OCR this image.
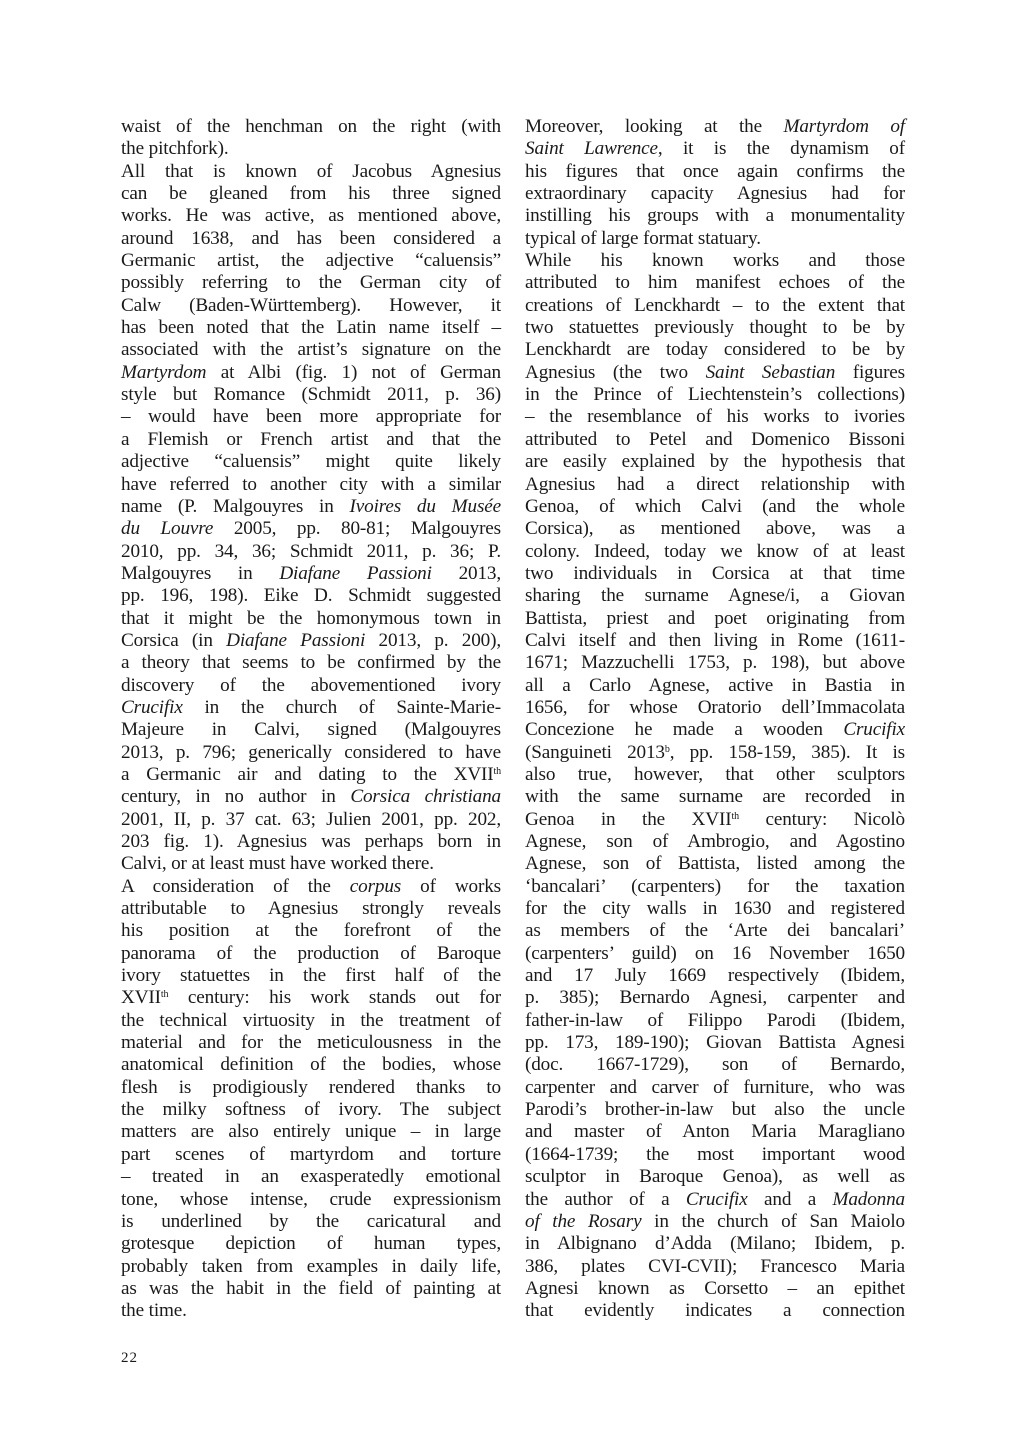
waist of the henchman on the right (with
the pitchfork).
All that is known of Jacobus Agnesius
can be gleaned from his three signed
works. He was active, as mentioned above,
around 1638, and has been considered a
Germanic artist, the adjective “caluensis”
possibly referring to the German city of
Calw (Baden-Württemberg). However, it
has been noted that the Latin name itself –
associated with the artist’s signature on the
Martyrdom at Albi (fig. 1) not of German
style but Romance (Schmidt 2011, p. 36)
– would have been more appropriate for
a Flemish or French artist and that the
adjective “caluensis” might quite likely
have referred to another city with a similar
name (P. Malgouyres in Ivoires du Musée
du Louvre 2005, pp. 80-81; Malgouyres
2010, pp. 34, 36; Schmidt 2011, p. 36; P.
Malgouyres in Diafane Passioni 2013,
pp. 196, 198). Eike D. Schmidt suggested
that it might be the homonymous town in
Corsica (in Diafane Passioni 2013, p. 200),
a theory that seems to be confirmed by the
discovery of the abovementioned ivory
Crucifix in the church of Sainte-Marie-
Majeure in Calvi, signed (Malgouyres
2013, p. 796; generically considered to have
a Germanic air and dating to the XVIIth
century, in no author in Corsica christiana
2001, II, p. 37 cat. 63; Julien 2001, pp. 202,
203 fig. 1). Agnesius was perhaps born in
Calvi, or at least must have worked there.
A consideration of the corpus of works
attributable to Agnesius strongly reveals
his position at the forefront of the
panorama of the production of Baroque
ivory statuettes in the first half of the
XVIIth century: his work stands out for
the technical virtuosity in the treatment of
material and for the meticulousness in the
anatomical definition of the bodies, whose
flesh is prodigiously rendered thanks to
the milky softness of ivory. The subject
matters are also entirely unique – in large
part scenes of martyrdom and torture
– treated in an exasperatedly emotional
tone, whose intense, crude expressionism
is underlined by the caricatural and
grotesque depiction of human types,
probably taken from examples in daily life,
as was the habit in the field of painting at
the time.
Moreover, looking at the Martyrdom of
Saint Lawrence, it is the dynamism of
his figures that once again confirms the
extraordinary capacity Agnesius had for
instilling his groups with a monumentality
typical of large format statuary.
While his known works and those
attributed to him manifest echoes of the
creations of Lenckhardt – to the extent that
two statuettes previously thought to be by
Lenckhardt are today considered to be by
Agnesius (the two Saint Sebastian figures
in the Prince of Liechtenstein’s collections)
– the resemblance of his works to ivories
attributed to Petel and Domenico Bissoni
are easily explained by the hypothesis that
Agnesius had a direct relationship with
Genoa, of which Calvi (and the whole
Corsica), as mentioned above, was a
colony. Indeed, today we know of at least
two individuals in Corsica at that time
sharing the surname Agnese/i, a Giovan
Battista, priest and poet originating from
Calvi itself and then living in Rome (1611-
1671; Mazzuchelli 1753, p. 198), but above
all a Carlo Agnese, active in Bastia in
1656, for whose Oratorio dell’Immacolata
Concezione he made a wooden Crucifix
(Sanguineti 2013$^b$, pp. 158-159, 385). It is
also true, however, that other sculptors
with the same surname are recorded in
Genoa in the XVIIth century: Nicolò
Agnese, son of Ambrogio, and Agostino
Agnese, son of Battista, listed among the
‘bancalari’ (carpenters) for the taxation
for the city walls in 1630 and registered
as members of the ‘Arte dei bancalari’
(carpenters’ guild) on 16 November 1650
and 17 July 1669 respectively (Ibidem,
p. 385); Bernardo Agnesi, carpenter and
father-in-law of Filippo Parodi (Ibidem,
pp. 173, 189-190); Giovan Battista Agnesi
(doc. 1667-1729), son of Bernardo,
carpenter and carver of furniture, who was
Parodi’s brother-in-law but also the uncle
and master of Anton Maria Maragliano
(1664-1739; the most important wood
sculptor in Baroque Genoa), as well as
the author of a Crucifix and a Madonna
of the Rosary in the church of San Maiolo
in Albignano d’Adda (Milano; Ibidem, p.
386, plates CVI-CVII); Francesco Maria
Agnesi known as Corsetto – an epithet
that evidently indicates a connection
22
